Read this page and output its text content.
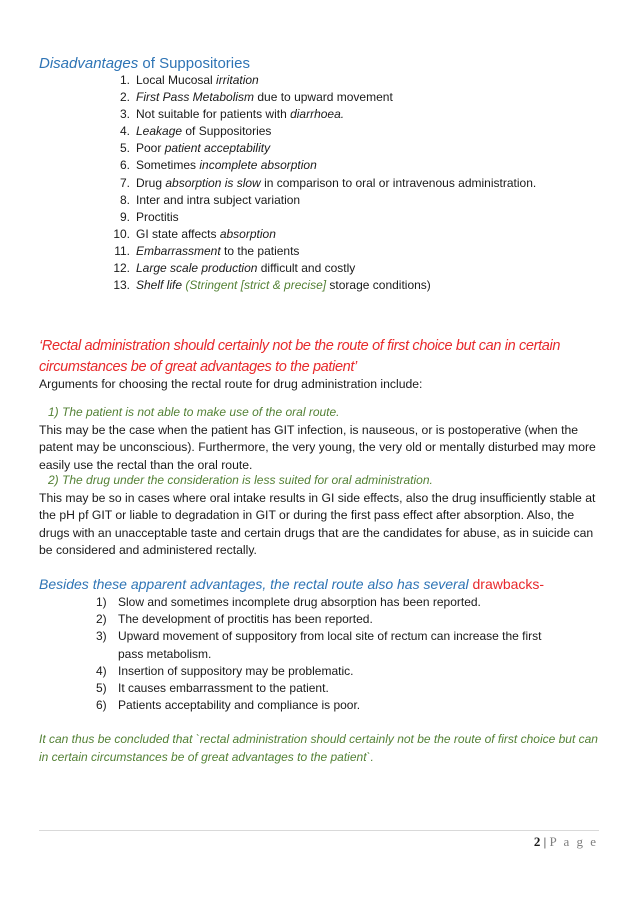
Disadvantages of Suppositories
1. Local Mucosal irritation
2. First Pass Metabolism due to upward movement
3. Not suitable for patients with diarrhoea.
4. Leakage of Suppositories
5. Poor patient acceptability
6. Sometimes incomplete absorption
7. Drug absorption is slow in comparison to oral or intravenous administration.
8. Inter and intra subject variation
9. Proctitis
10. GI state affects absorption
11. Embarrassment to the patients
12. Large scale production difficult and costly
13. Shelf life (Stringent [strict & precise] storage conditions)
‘Rectal administration should certainly not be the route of first choice but can in certain circumstances be of great advantages to the patient’
Arguments for choosing the rectal route for drug administration include:
1) The patient is not able to make use of the oral route.
This may be the case when the patient has GIT infection, is nauseous, or is postoperative (when the patent may be unconscious). Furthermore, the very young, the very old or mentally disturbed may more easily use the rectal than the oral route.
2) The drug under the consideration is less suited for oral administration.
This may be so in cases where oral intake results in GI side effects, also the drug insufficiently stable at the pH pf GIT or liable to degradation in GIT or during the first pass effect after absorption. Also, the drugs with an unacceptable taste and certain drugs that are the candidates for abuse, as in suicide can be considered and administered rectally.
Besides these apparent advantages, the rectal route also has several drawbacks-
1) Slow and sometimes incomplete drug absorption has been reported.
2) The development of proctitis has been reported.
3) Upward movement of suppository from local site of rectum can increase the first pass metabolism.
4) Insertion of suppository may be problematic.
5) It causes embarrassment to the patient.
6) Patients acceptability and compliance is poor.
It can thus be concluded that `rectal administration should certainly not be the route of first choice but can in certain circumstances be of great advantages to the patient`.
2 | P a g e
